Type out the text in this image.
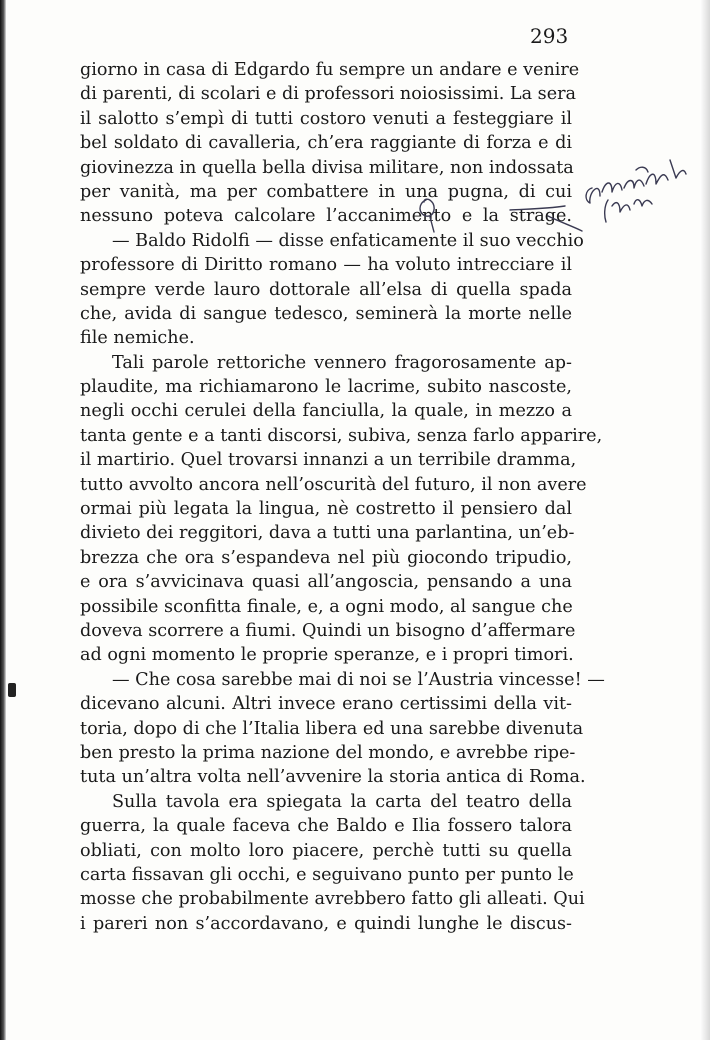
293
giorno in casa di Edgardo fu sempre un andare e venire
di parenti, di scolari e di professori noiosissimi. La sera
il salotto s’empì di tutti costoro venuti a festeggiare il
bel soldato di cavalleria, ch’era raggiante di forza e di
giovinezza in quella bella divisa militare, non indossata
per vanità, ma per combattere in una pugna, di cui
nessuno poteva calcolare l’accanimento e la strage.
— Baldo Ridolfi — disse enfaticamente il suo vecchio
professore di Diritto romano — ha voluto intrecciare il
sempre verde lauro dottorale all’elsa di quella spada
che, avida di sangue tedesco, seminerà la morte nelle
file nemiche.
Tali parole rettoriche vennero fragorosamente ap-
plaudite, ma richiamarono le lacrime, subito nascoste,
negli occhi cerulei della fanciulla, la quale, in mezzo a
tanta gente e a tanti discorsi, subiva, senza farlo apparire,
il martirio. Quel trovarsi innanzi a un terribile dramma,
tutto avvolto ancora nell’oscurità del futuro, il non avere
ormai più legata la lingua, nè costretto il pensiero dal
divieto dei reggitori, dava a tutti una parlantina, un’eb-
brezza che ora s’espandeva nel più giocondo tripudio,
e ora s’avvicinava quasi all’angoscia, pensando a una
possibile sconfitta finale, e, a ogni modo, al sangue che
doveva scorrere a fiumi. Quindi un bisogno d’affermare
ad ogni momento le proprie speranze, e i propri timori.
— Che cosa sarebbe mai di noi se l’Austria vincesse! —
dicevano alcuni. Altri invece erano certissimi della vit-
toria, dopo di che l’Italia libera ed una sarebbe divenuta
ben presto la prima nazione del mondo, e avrebbe ripe-
tuta un’altra volta nell’avvenire la storia antica di Roma.
Sulla tavola era spiegata la carta del teatro della
guerra, la quale faceva che Baldo e Ilia fossero talora
obliati, con molto loro piacere, perchè tutti su quella
carta fissavan gli occhi, e seguivano punto per punto le
mosse che probabilmente avrebbero fatto gli alleati. Qui
i pareri non s’accordavano, e quindi lunghe le discus-
